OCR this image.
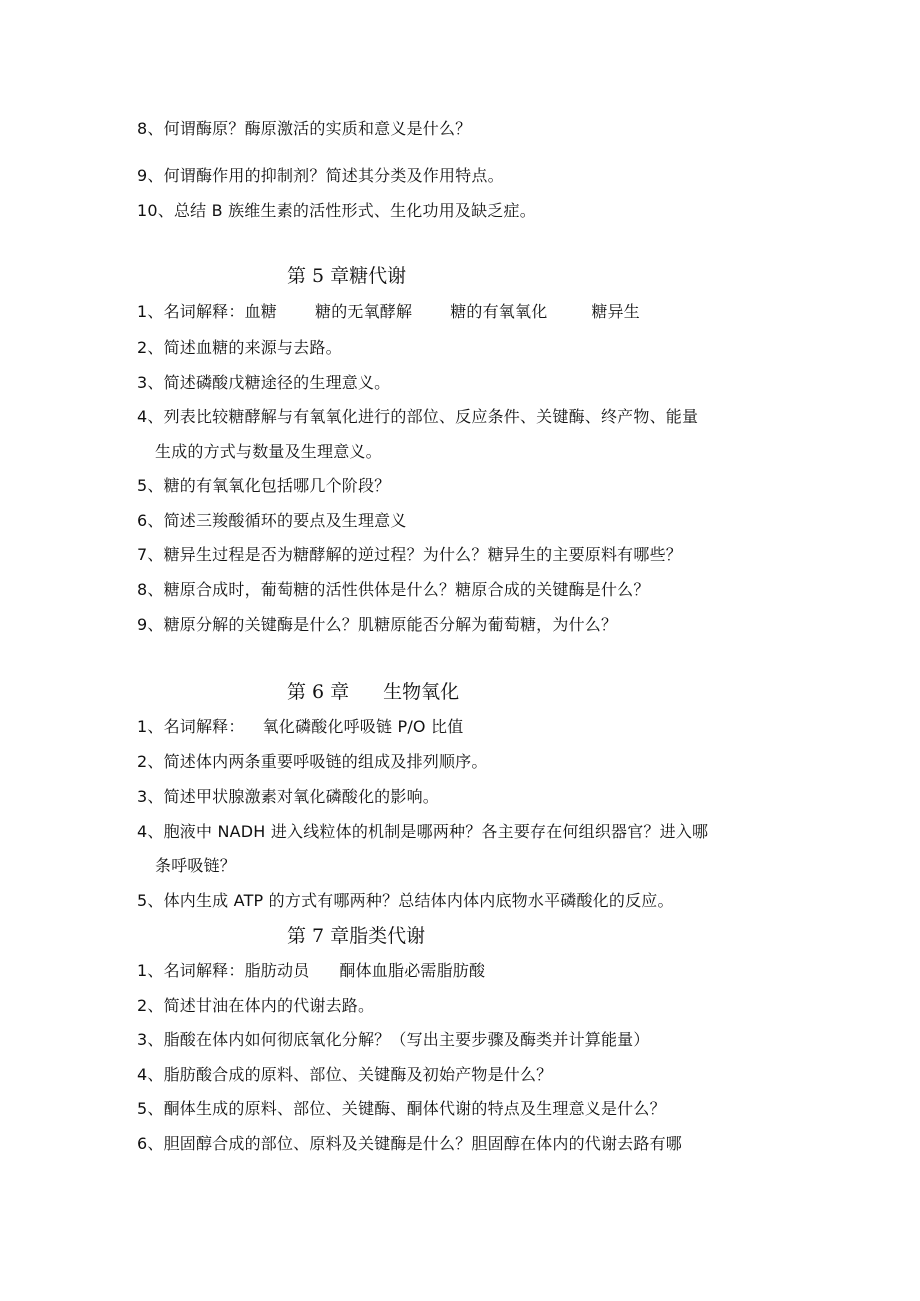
8、何谓酶原？酶原激活的实质和意义是什么？
9、何谓酶作用的抑制剂？简述其分类及作用特点。
10、总结 B 族维生素的活性形式、生化功用及缺乏症。
第 5 章糖代谢
1、名词解释：血糖 糖的无氧酵解 糖的有氧氧化	糖异生
2、简述血糖的来源与去路。
3、简述磷酸戊糖途径的生理意义。
4、列表比较糖酵解与有氧氧化进行的部位、反应条件、关键酶、终产物、能量
生成的方式与数量及生理意义。
5、糖的有氧氧化包括哪几个阶段？
6、简述三羧酸循环的要点及生理意义
7、糖异生过程是否为糖酵解的逆过程？为什么？糖异生的主要原料有哪些？
8、糖原合成时，葡萄糖的活性供体是什么？糖原合成的关键酶是什么？
9、糖原分解的关键酶是什么？肌糖原能否分解为葡萄糖，为什么？
第 6 章 生物氧化
1、名词解释： 氧化磷酸化呼吸链 P/O 比值
2、简述体内两条重要呼吸链的组成及排列顺序。
3、简述甲状腺激素对氧化磷酸化的影响。
4、胞液中 NADH 进入线粒体的机制是哪两种？各主要存在何组织器官？进入哪
条呼吸链？
5、体内生成 ATP 的方式有哪两种？总结体内体内底物水平磷酸化的反应。
第 7 章脂类代谢
1、名词解释：脂肪动员 酮体血脂必需脂肪酸
2、简述甘油在体内的代谢去路。
3、脂酸在体内如何彻底氧化分解？（写出主要步骤及酶类并计算能量）
4、脂肪酸合成的原料、部位、关键酶及初始产物是什么？
5、酮体生成的原料、部位、关键酶、酮体代谢的特点及生理意义是什么？
6、胆固醇合成的部位、原料及关键酶是什么？胆固醇在体内的代谢去路有哪
